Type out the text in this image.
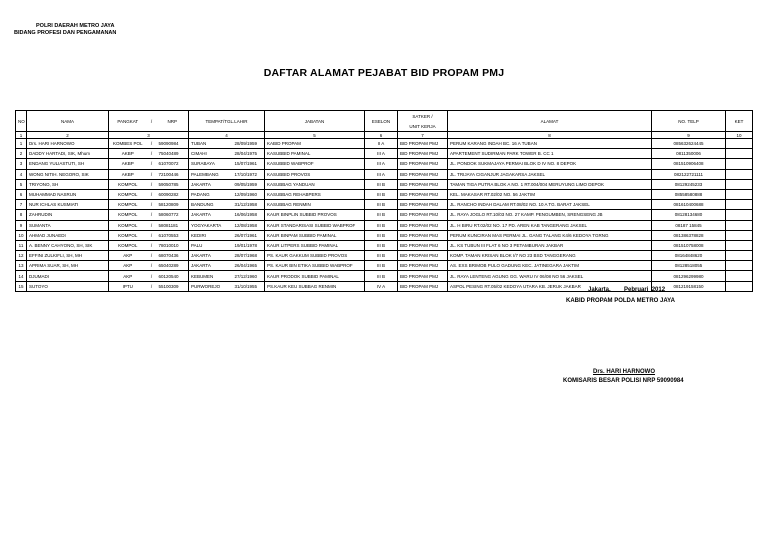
POLRI DAERAH METRO JAYA
BIDANG PROFESI DAN PENGAMANAN
DAFTAR ALAMAT PEJABAT BID PROPAM PMJ
NO	NAMA	PANGKAT	/	NRP	TEMPAT/TGL.LAHIR		JABATAN	ESELON	SATKER /
UNIT KERJA	ALAMAT	NO. TELP	KET
1	2	3			4		5	6	7	8	9	10
1	Drs. HARI HARNOWO	KOMBES POL	/	59090984	TUBAN	28/09/1959	KABID PROPAM	II A	BID PROPAM PMJ	PERUM KARANG INDAH BC. 16 A TUBAN	085632624445	
2	DADDY HARTADI, SIK, Mhum	AKBP	/	75040489	CIMAHI	28/04/1975	KASUBBID PAMINAL	III A	BID PROPAM PMJ	APARTEMENT SUDIRMAN PARK TOWER B. CC 1	0811350006	
3	ENDANG YULIASTUTI, SH	AKBP	/	61070072	SURABAYA	15/07/1961	KASUBBID WABPROF	III A	BID PROPAM PMJ	JL. PONDOK SUKMAJAYA PERMAI BLOK D IV NO. 8 DEPOK	081510906408	
4	WONG NITIH. NEGORO, SIK	AKBP	/	72100446	PALEMBANG	17/10/1972	KASUBBID PROVOS	III A	BID PROPAM PMJ	JL. TRIJAYA CIGANJUR JAGAKARSA JAKSEL	082122721111	
5	TRIYONO, SH	KOMPOL	/	59050785	JAKARTA	09/05/1959	KASUBBAG YANDUAN	III B	BID PROPAM PMJ	TAMAN TIGA PUTRA BLOK A NO. 1 RT.004/004 MERUYUNG LIMO DEPOK	08129245233	
6	MUHAMMAD NASRUN	KOMPOL	/	60090282	PADANG	12/09/1960	KASUBBAG REHABPERS	III B	BID PROPAM PMJ	KEL. MAKASAR RT.02/02 NO. 56 JAKTIM	08558580888	
7	NUR ICHLAS KUSMIATI	KOMPOL	/	58120809	BANDUNG	31/12/1958	KASUBBAG RENMIN	III B	BID PROPAM PMJ	JL. RANCHO INDAH DALAM RT.08/02 NO. 10 A TG. BARAT JAKSEL	081610400688	
8	ZAHRUDIN	KOMPOL	/	58060772	JAKARTA	16/06/1958	KAUR BINPLIN SUBBID PROVOS	III B	BID PROPAM PMJ	JL. RAYA JOGLO RT.10/03 NO. 27 KAMP. PENGUMBEN, SRENGSENG JB	08128134680	
9	SUMANTA	KOMPOL	/	58081181	YOGYAKARTA	12/08/1958	KAUR STANDARISASI SUBBID WABPROF	III B	BID PROPAM PMJ	JL. H BIRU RT.02/02 NO. 17 PD. AREN KAB TANGERANG JAKSEL	08187 15845	
10	AHMAD JUNAEDI	KOMPOL	/	61070553	KEDIRI	26/07/1961	KAUR BINPAM SUBBID PAMINAL	III B	BID PROPAM PMJ	PERUM KUNCIRAN MAS PERMAI JL. GANG TALANG K4/6 KEDOYA TGRNG	081386378828	
11	A. BENNY CAHYONO, SH, SIK	KOMPOL	/	78010010	PALU	19/01/1978	KAUR LITPERS SUBBID PAMINAL	III B	BID PROPAM PMJ	JL. KS TUBUN III FLAT 6 NO 3 PETAMBURAN JAKBAR	081510758008	
12	EFFINI ZULKIFLI, SH, MH	AKP	/	68070436	JAKARTA	28/07/1968	PS. KAUR GAKKUM SUBBID PROVOS	III B	BID PROPAM PMJ	KOMP. TAMAN KRISAN BLOK I/7 NO 23 BSD TANGGERANG	08164848620	
13	APRIMA SUAR, SH, MH	AKP	/	65040289	JAKARTA	26/04/1965	PS. KAUR BIN ETIKA SUBBID WABPROF	III B	BID PROPAM PMJ	AS. EXS BRIMOB PULO GADUNG KEC. JATINEGARA JAKTIM	08128518055	
14	DJUMADI	AKP	/	60120540	KEBUMEN	27/12/1960	KAUR PRODOK SUBBID PAMINAL	III B	BID PROPAM PMJ	JL. RAYA LENTENG AGUNG GG. WARU IV 06/08 NO 56 JAKSEL	081296299980	
15	SUTOYO	IPTU	/	55100309	PURWOREJO	31/10/1955	PS.KAUR KEU SUBBAG RENMIN	IV A	BID PROPAM PMJ	ASPOL PESING RT.05/02 KEDOYA UTARA KB. JERUK JAKBAR	081219158150	
Jakarta,        Pebruari  2012
KABID PROPAM POLDA METRO JAYA
Drs. HARI HARNOWO
KOMISARIS BESAR POLISI NRP 59090984
